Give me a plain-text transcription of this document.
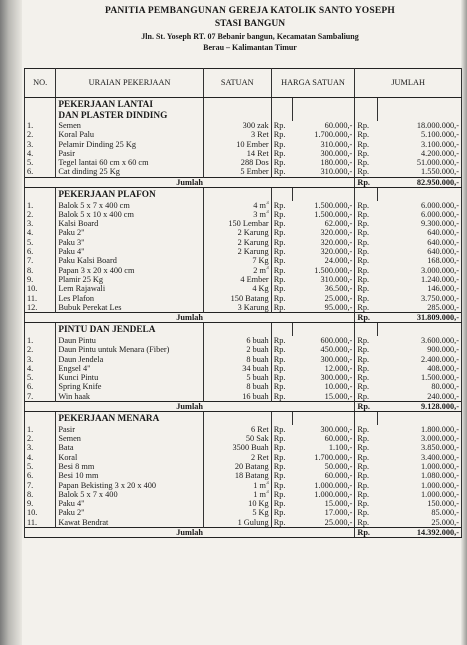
PANITIA PEMBANGUNAN GEREJA KATOLIK SANTO YOSEPH
STASI BANGUN
Jln. St. Yoseph RT. 07 Bebanir bangun, Kecamatan Sambaliung
Berau – Kalimantan Timur
NO.	URAIAN PEKERJAAN	SATUAN	HARGA SATUAN		JUMLAH	
	PEKERJAAN LANTAI					
	DAN PLASTER DINDING					
1.	Semen	300 zak	Rp.	60.000,-	Rp.	18.000.000,-
2.	Koral Palu	3 Ret	Rp.	1.700.000,-	Rp.	5.100.000,-
3.	Pelamir Dinding 25 Kg	10 Ember	Rp.	310.000,-	Rp.	3.100.000,-
4.	Pasir	14 Ret	Rp.	300.000,-	Rp.	4.200.000,-
5.	Tegel lantai 60 cm x 60 cm	288 Dos	Rp.	180.000,-	Rp.	51.000.000,-
6.	Cat dinding 25 Kg	5 Ember	Rp.	310.000,-	Rp.	1.550.000,-
Jumlah					Rp.	82.950.000,-
	PEKERJAAN PLAFON					
1.	Balok 5 x 7 x 400 cm	4 $m^3$	Rp.	1.500.000,-	Rp.	6.000.000,-
2.	Balok 5 x 10 x 400 cm	3 $m^3$	Rp.	1.500.000,-	Rp.	6.000.000,-
3.	Kalsi Board	150 Lembar	Rp.	62.000,-	Rp.	9.300.000,-
4.	Paku 2"	2 Karung	Rp.	320.000,-	Rp.	640.000,-
5.	Paku 3"	2 Karung	Rp.	320.000,-	Rp.	640.000,-
6.	Paku 4"	2 Karung	Rp.	320.000,-	Rp.	640.000,-
7.	Paku Kalsi Board	7 Kg	Rp.	24.000,-	Rp.	168.000,-
8.	Papan 3 x 20 x 400 cm	2 $m^3$	Rp.	1.500.000,-	Rp.	3.000.000,-
9.	Plamir 25 Kg	4 Ember	Rp.	310.000,-	Rp.	1.240.000,-
10.	Lem Rajawali	4 Kg	Rp.	36.500,-	Rp.	146.000,-
11.	Les Plafon	150 Batang	Rp.	25.000,-	Rp.	3.750.000,-
12.	Bubuk Perekat Les	3 Karung	Rp.	95.000,-	Rp.	285.000,-
Jumlah					Rp.	31.809.000,-
	PINTU DAN JENDELA					
1.	Daun Pintu	6 buah	Rp.	600.000,-	Rp.	3.600.000,-
2.	Daun Pintu untuk Menara (Fiber)	2 buah	Rp.	450.000,-	Rp.	900.000,-
3.	Daun Jendela	8 buah	Rp.	300.000,-	Rp.	2.400.000,-
4.	Engsel 4"	34 buah	Rp.	12.000,-	Rp.	408.000,-
5.	Kunci Pintu	5 buah	Rp.	300.000,-	Rp.	1.500.000,-
6.	Spring Knife	8 buah	Rp.	10.000,-	Rp.	80.000,-
7.	Win haak	16 buah	Rp.	15.000,-	Rp.	240.000,-
Jumlah					Rp.	9.128.000,-
	PEKERJAAN MENARA					
1.	Pasir	6 Ret	Rp.	300.000,-	Rp.	1.800.000,-
2.	Semen	50 Sak	Rp.	60.000,-	Rp.	3.000.000,-
3.	Bata	3500 Buah	Rp.	1.100,-	Rp.	3.850.000,-
4.	Koral	2 Ret	Rp.	1.700.000,-	Rp.	3.400.000,-
5.	Besi 8 mm	20 Batang	Rp.	50.000,-	Rp.	1.000.000,-
6.	Besi 10 mm	18 Batang	Rp.	60.000,-	Rp.	1.080.000,-
7.	Papan Bekisting 3 x 20 x 400	1 $m^3$	Rp.	1.000.000,-	Rp.	1.000.000,-
8.	Balok 5 x 7 x 400	1 $m^3$	Rp.	1.000.000,-	Rp.	1.000.000,-
9.	Paku 4"	10 Kg	Rp.	15.000,-	Rp.	150.000,-
10.	Paku 2"	5 Kg	Rp.	17.000,-	Rp.	85.000,-
11.	Kawat Bendrat	1 Gulung	Rp.	25.000,-	Rp.	25.000,-
Jumlah					Rp.	14.392.000,-
